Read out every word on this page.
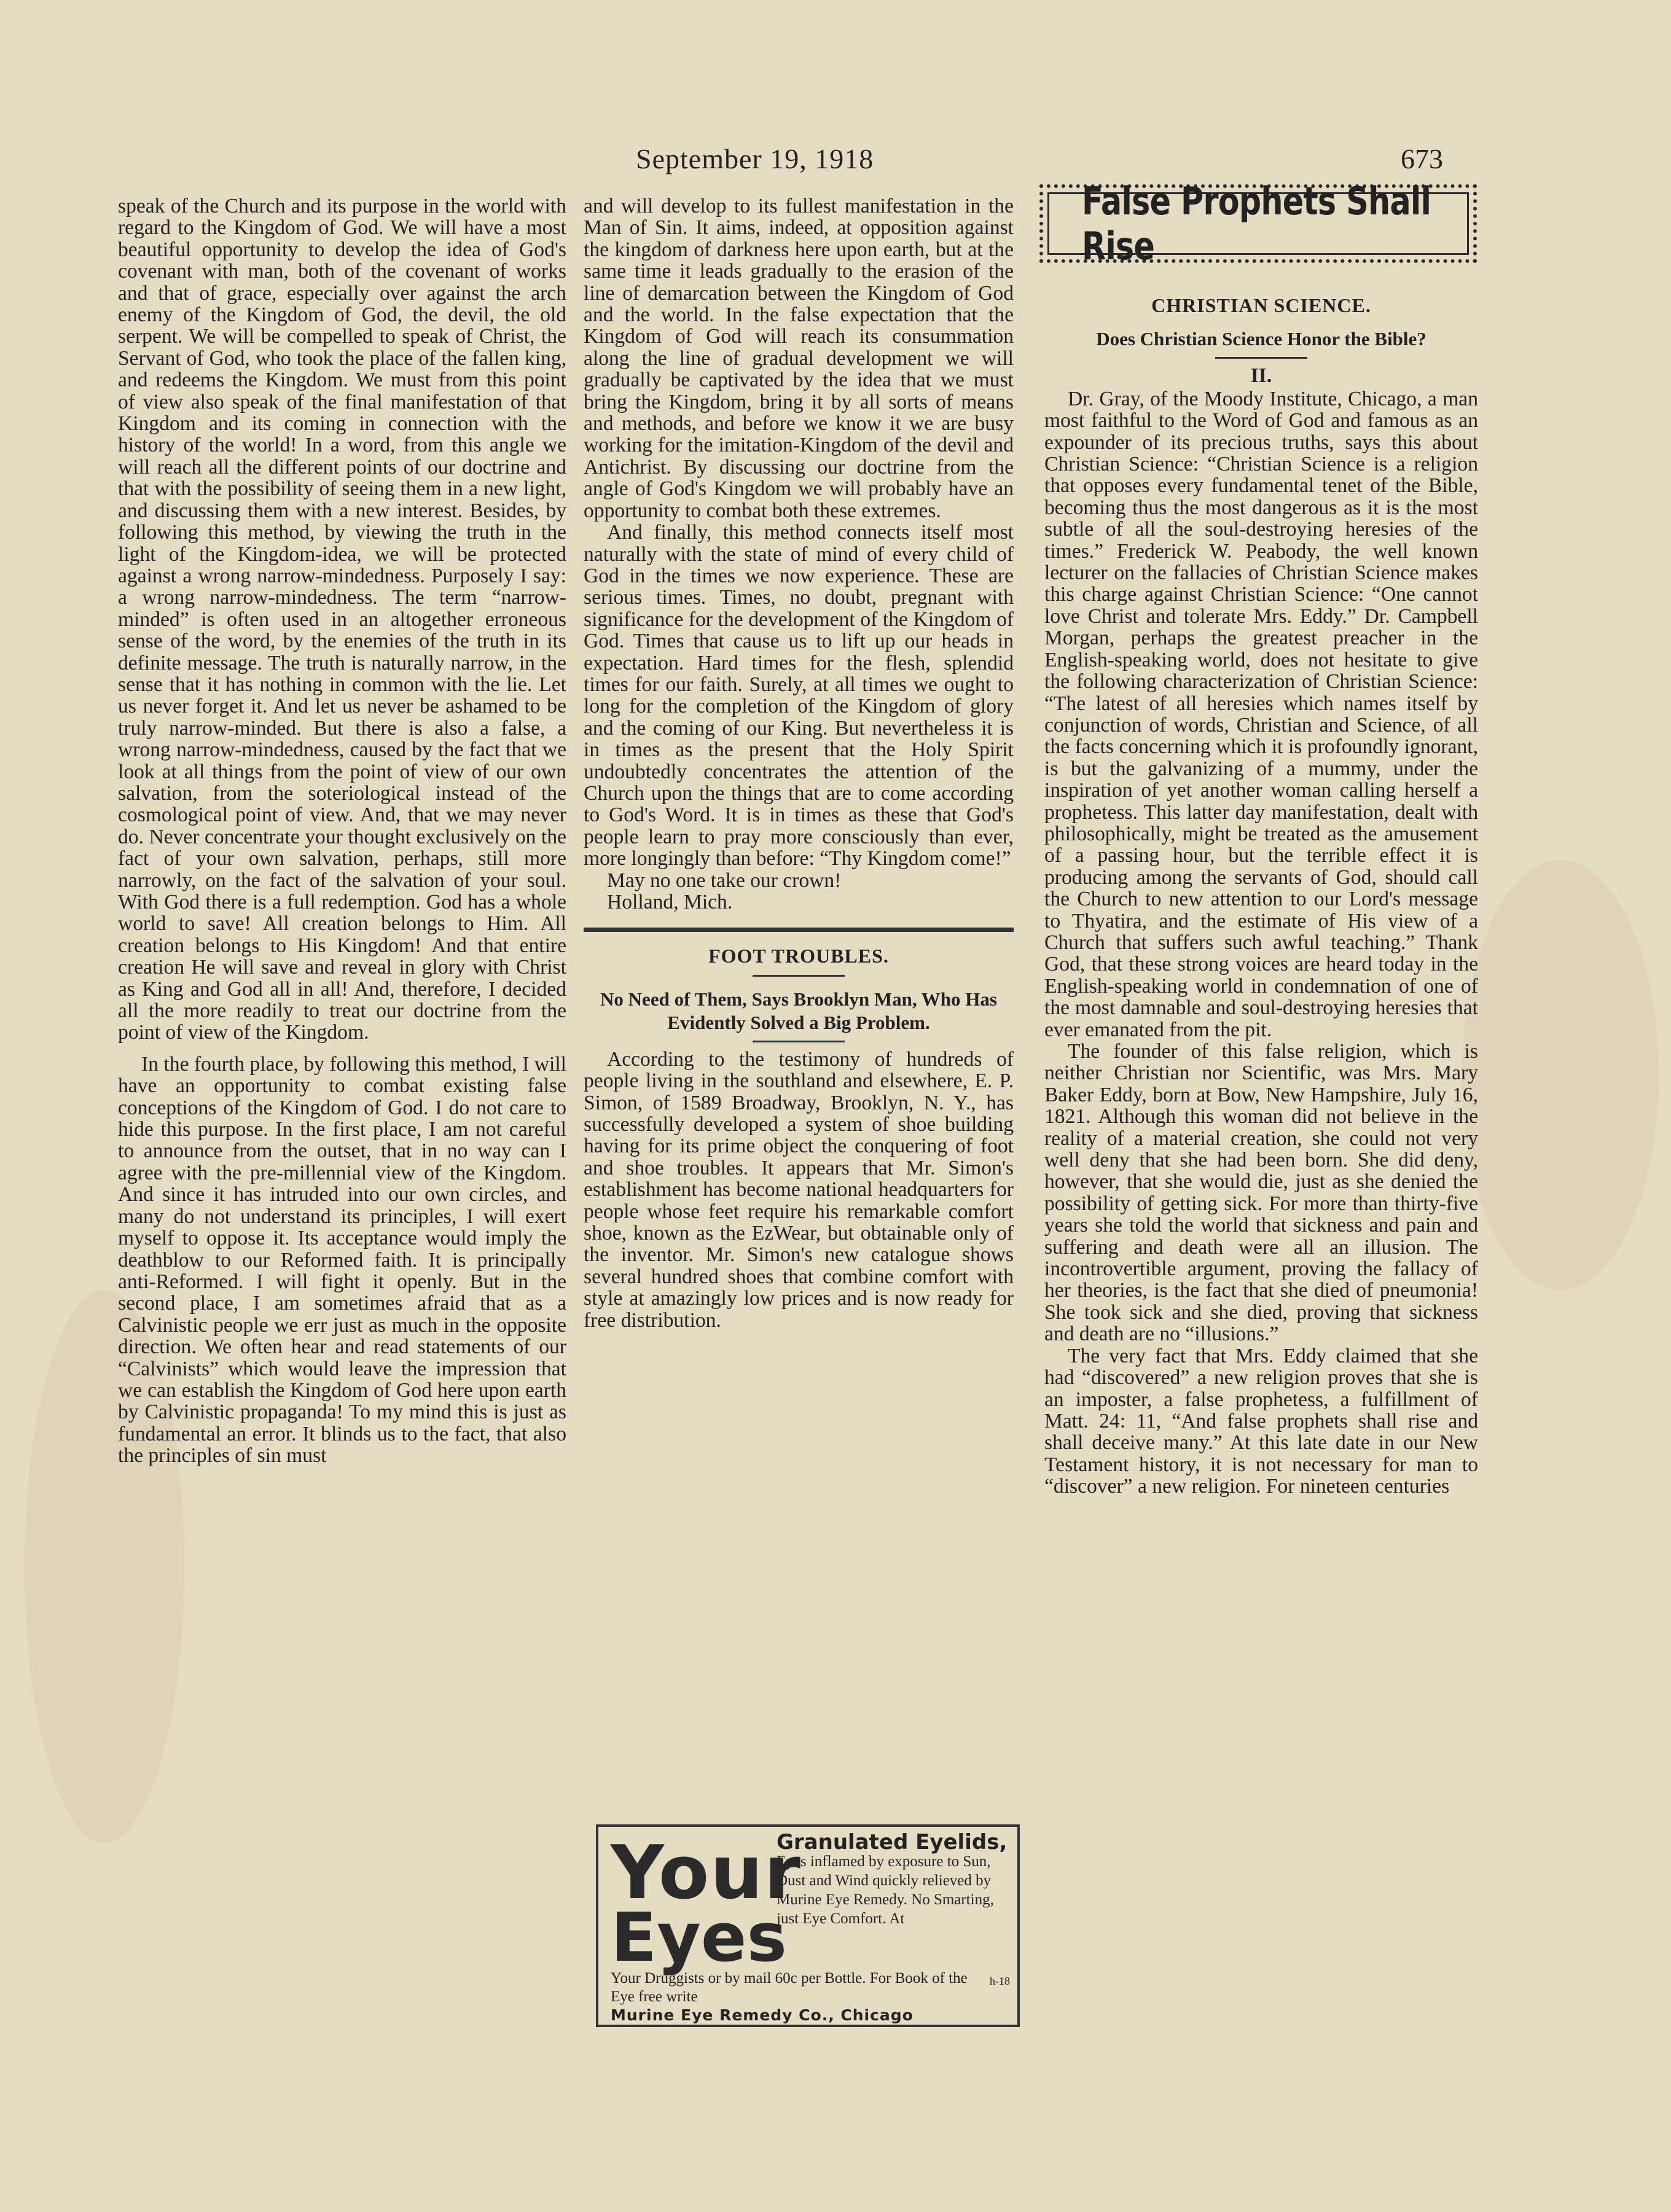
September 19, 1918	673

speak of the Church and its purpose in the world with regard to the Kingdom of God. We will have a most beautiful opportunity to develop the idea of God's covenant with man, both of the covenant of works and that of grace, especially over against the arch enemy of the Kingdom of God, the devil, the old serpent. We will be compelled to speak of Christ, the Servant of God, who took the place of the fallen king, and redeems the Kingdom. We must from this point of view also speak of the final manifestation of that Kingdom and its coming in connection with the history of the world! In a word, from this angle we will reach all the different points of our doctrine and that with the possibility of seeing them in a new light, and discussing them with a new interest. Besides, by following this method, by viewing the truth in the light of the Kingdom-idea, we will be protected against a wrong narrow-mindedness. Purposely I say: a wrong narrow-mindedness. The term “narrow-minded” is often used in an altogether erroneous sense of the word, by the enemies of the truth in its definite message. The truth is naturally narrow, in the sense that it has nothing in common with the lie. Let us never forget it. And let us never be ashamed to be truly narrow-minded. But there is also a false, a wrong narrow-mindedness, caused by the fact that we look at all things from the point of view of our own salvation, from the soteriological instead of the cosmological point of view. And, that we may never do. Never concentrate your thought exclusively on the fact of your own salvation, perhaps, still more narrowly, on the fact of the salvation of your soul. With God there is a full redemption. God has a whole world to save! All creation belongs to Him. All creation belongs to His Kingdom! And that entire creation He will save and reveal in glory with Christ as King and God all in all! And, therefore, I decided all the more readily to treat our doctrine from the point of view of the Kingdom.

In the fourth place, by following this method, I will have an opportunity to combat existing false conceptions of the Kingdom of God. I do not care to hide this purpose. In the first place, I am not careful to announce from the outset, that in no way can I agree with the pre-millennial view of the Kingdom. And since it has intruded into our own circles, and many do not understand its principles, I will exert myself to oppose it. Its acceptance would imply the deathblow to our Reformed faith. It is principally anti-Reformed. I will fight it openly. But in the second place, I am sometimes afraid that as a Calvinistic people we err just as much in the opposite direction. We often hear and read statements of our “Calvinists” which would leave the impression that we can establish the Kingdom of God here upon earth by Calvinistic propaganda! To my mind this is just as fundamental an error. It blinds us to the fact, that also the principles of sin must

and will develop to its fullest manifestation in the Man of Sin. It aims, indeed, at opposition against the kingdom of darkness here upon earth, but at the same time it leads gradually to the erasion of the line of demarcation between the Kingdom of God and the world. In the false expectation that the Kingdom of God will reach its consummation along the line of gradual development we will gradually be captivated by the idea that we must bring the Kingdom, bring it by all sorts of means and methods, and before we know it we are busy working for the imitation-Kingdom of the devil and Antichrist. By discussing our doctrine from the angle of God's Kingdom we will probably have an opportunity to combat both these extremes.

And finally, this method connects itself most naturally with the state of mind of every child of God in the times we now experience. These are serious times. Times, no doubt, pregnant with significance for the development of the Kingdom of God. Times that cause us to lift up our heads in expectation. Hard times for the flesh, splendid times for our faith. Surely, at all times we ought to long for the completion of the Kingdom of glory and the coming of our King. But nevertheless it is in times as the present that the Holy Spirit undoubtedly concentrates the attention of the Church upon the things that are to come according to God's Word. It is in times as these that God's people learn to pray more consciously than ever, more longingly than before: “Thy Kingdom come!”

May no one take our crown!

Holland, Mich.

FOOT TROUBLES.
No Need of Them, Says Brooklyn Man, Who Has Evidently Solved a Big Problem.

According to the testimony of hundreds of people living in the southland and elsewhere, E. P. Simon, of 1589 Broadway, Brooklyn, N. Y., has successfully developed a system of shoe building having for its prime object the conquering of foot and shoe troubles. It appears that Mr. Simon's establishment has become national headquarters for people whose feet require his remarkable comfort shoe, known as the EzWear, but obtainable only of the inventor. Mr. Simon's new catalogue shows several hundred shoes that combine comfort with style at amazingly low prices and is now ready for free distribution.

Your
Eyes
Granulated Eyelids,
Eyes inflamed by exposure to Sun, Dust and Wind quickly relieved by Murine Eye Remedy. No Smarting, just Eye Comfort. At
h-18
Your Druggists or by mail 60c per Bottle. For Book of the Eye free write
Murine Eye Remedy Co., Chicago
False Prophets Shall Rise
CHRISTIAN SCIENCE.
Does Christian Science Honor the Bible?
II.

Dr. Gray, of the Moody Institute, Chicago, a man most faithful to the Word of God and famous as an expounder of its precious truths, says this about Christian Science: “Christian Science is a religion that opposes every fundamental tenet of the Bible, becoming thus the most dangerous as it is the most subtle of all the soul-destroying heresies of the times.” Frederick W. Peabody, the well known lecturer on the fallacies of Christian Science makes this charge against Christian Science: “One cannot love Christ and tolerate Mrs. Eddy.” Dr. Campbell Morgan, perhaps the greatest preacher in the English-speaking world, does not hesitate to give the following characterization of Christian Science: “The latest of all heresies which names itself by conjunction of words, Christian and Science, of all the facts concerning which it is profoundly ignorant, is but the galvanizing of a mummy, under the inspiration of yet another woman calling herself a prophetess. This latter day manifestation, dealt with philosophically, might be treated as the amusement of a passing hour, but the terrible effect it is producing among the servants of God, should call the Church to new attention to our Lord's message to Thyatira, and the estimate of His view of a Church that suffers such awful teaching.” Thank God, that these strong voices are heard today in the English-speaking world in condemnation of one of the most damnable and soul-destroying heresies that ever emanated from the pit.

The founder of this false religion, which is neither Christian nor Scientific, was Mrs. Mary Baker Eddy, born at Bow, New Hampshire, July 16, 1821. Although this woman did not believe in the reality of a material creation, she could not very well deny that she had been born. She did deny, however, that she would die, just as she denied the possibility of getting sick. For more than thirty-five years she told the world that sickness and pain and suffering and death were all an illusion. The incontrovertible argument, proving the fallacy of her theories, is the fact that she died of pneumonia! She took sick and she died, proving that sickness and death are no “illusions.”

The very fact that Mrs. Eddy claimed that she had “discovered” a new religion proves that she is an imposter, a false prophetess, a fulfillment of Matt. 24: 11, “And false prophets shall rise and shall deceive many.” At this late date in our New Testament history, it is not necessary for man to “discover” a new religion. For nineteen centuries
